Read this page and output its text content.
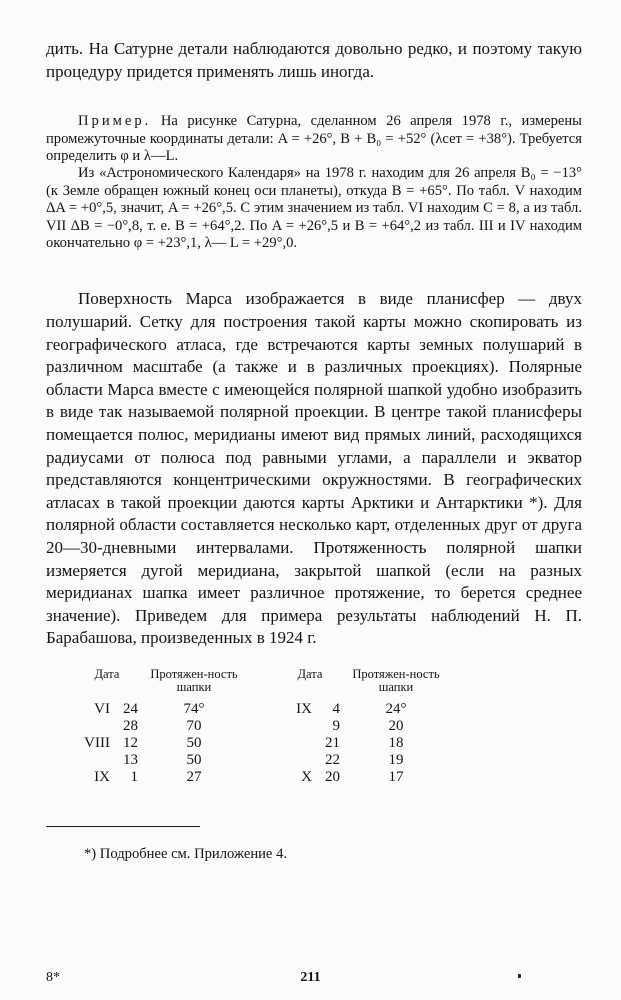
дить. На Сатурне детали наблюдаются довольно редко, и поэтому такую процедуру придется применять лишь иногда.

Пример. На рисунке Сатурна, сделанном 26 апреля 1978 г., измерены промежуточные координаты детали: A = +26°, B + B₀ = +52° (λсет = +38°). Требуется определить φ и λ—L.

Из «Астрономического Календаря» на 1978 г. находим для 26 апреля B₀ = −13° (к Земле обращен южный конец оси планеты), откуда B = +65°. По табл. V находим ΔA = +0°,5, значит, A = +26°,5. С этим значением из табл. VI находим C = 8, а из табл. VII ΔB = −0°,8, т. е. B = +64°,2. По A = +26°,5 и B = +64°,2 из табл. III и IV находим окончательно φ = +23°,1, λ— L = +29°,0.

Поверхность Марса изображается в виде планисфер — двух полушарий. Сетку для построения такой карты можно скопировать из географического атласа, где встречаются карты земных полушарий в различном масштабе (а также и в различных проекциях). Полярные области Марса вместе с имеющейся полярной шапкой удобно изобразить в виде так называемой полярной проекции. В центре такой планисферы помещается полюс, меридианы имеют вид прямых линий, расходящихся радиусами от полюса под равными углами, а параллели и экватор представляются концентрическими окружностями. В географических атласах в такой проекции даются карты Арктики и Антарктики *). Для полярной области составляется несколько карт, отделенных друг от друга 20—30-дневными интервалами. Протяженность полярной шапки измеряется дугой меридиана, закрытой шапкой (если на разных меридианах шапка имеет различное протяжение, то берется среднее значение). Приведем для примера результаты наблюдений Н. П. Барабашова, произведенных в 1924 г.

Дата		Протяжен-ность шапки	Дата		Протяжен-ность шапки
VI	24	74°	IX	4	24°
	28	70		9	20
VIII	12	50		21	18
	13	50		22	19
IX	1	27	X	20	17
*) Подробнее см. Приложение 4.
8*	211
